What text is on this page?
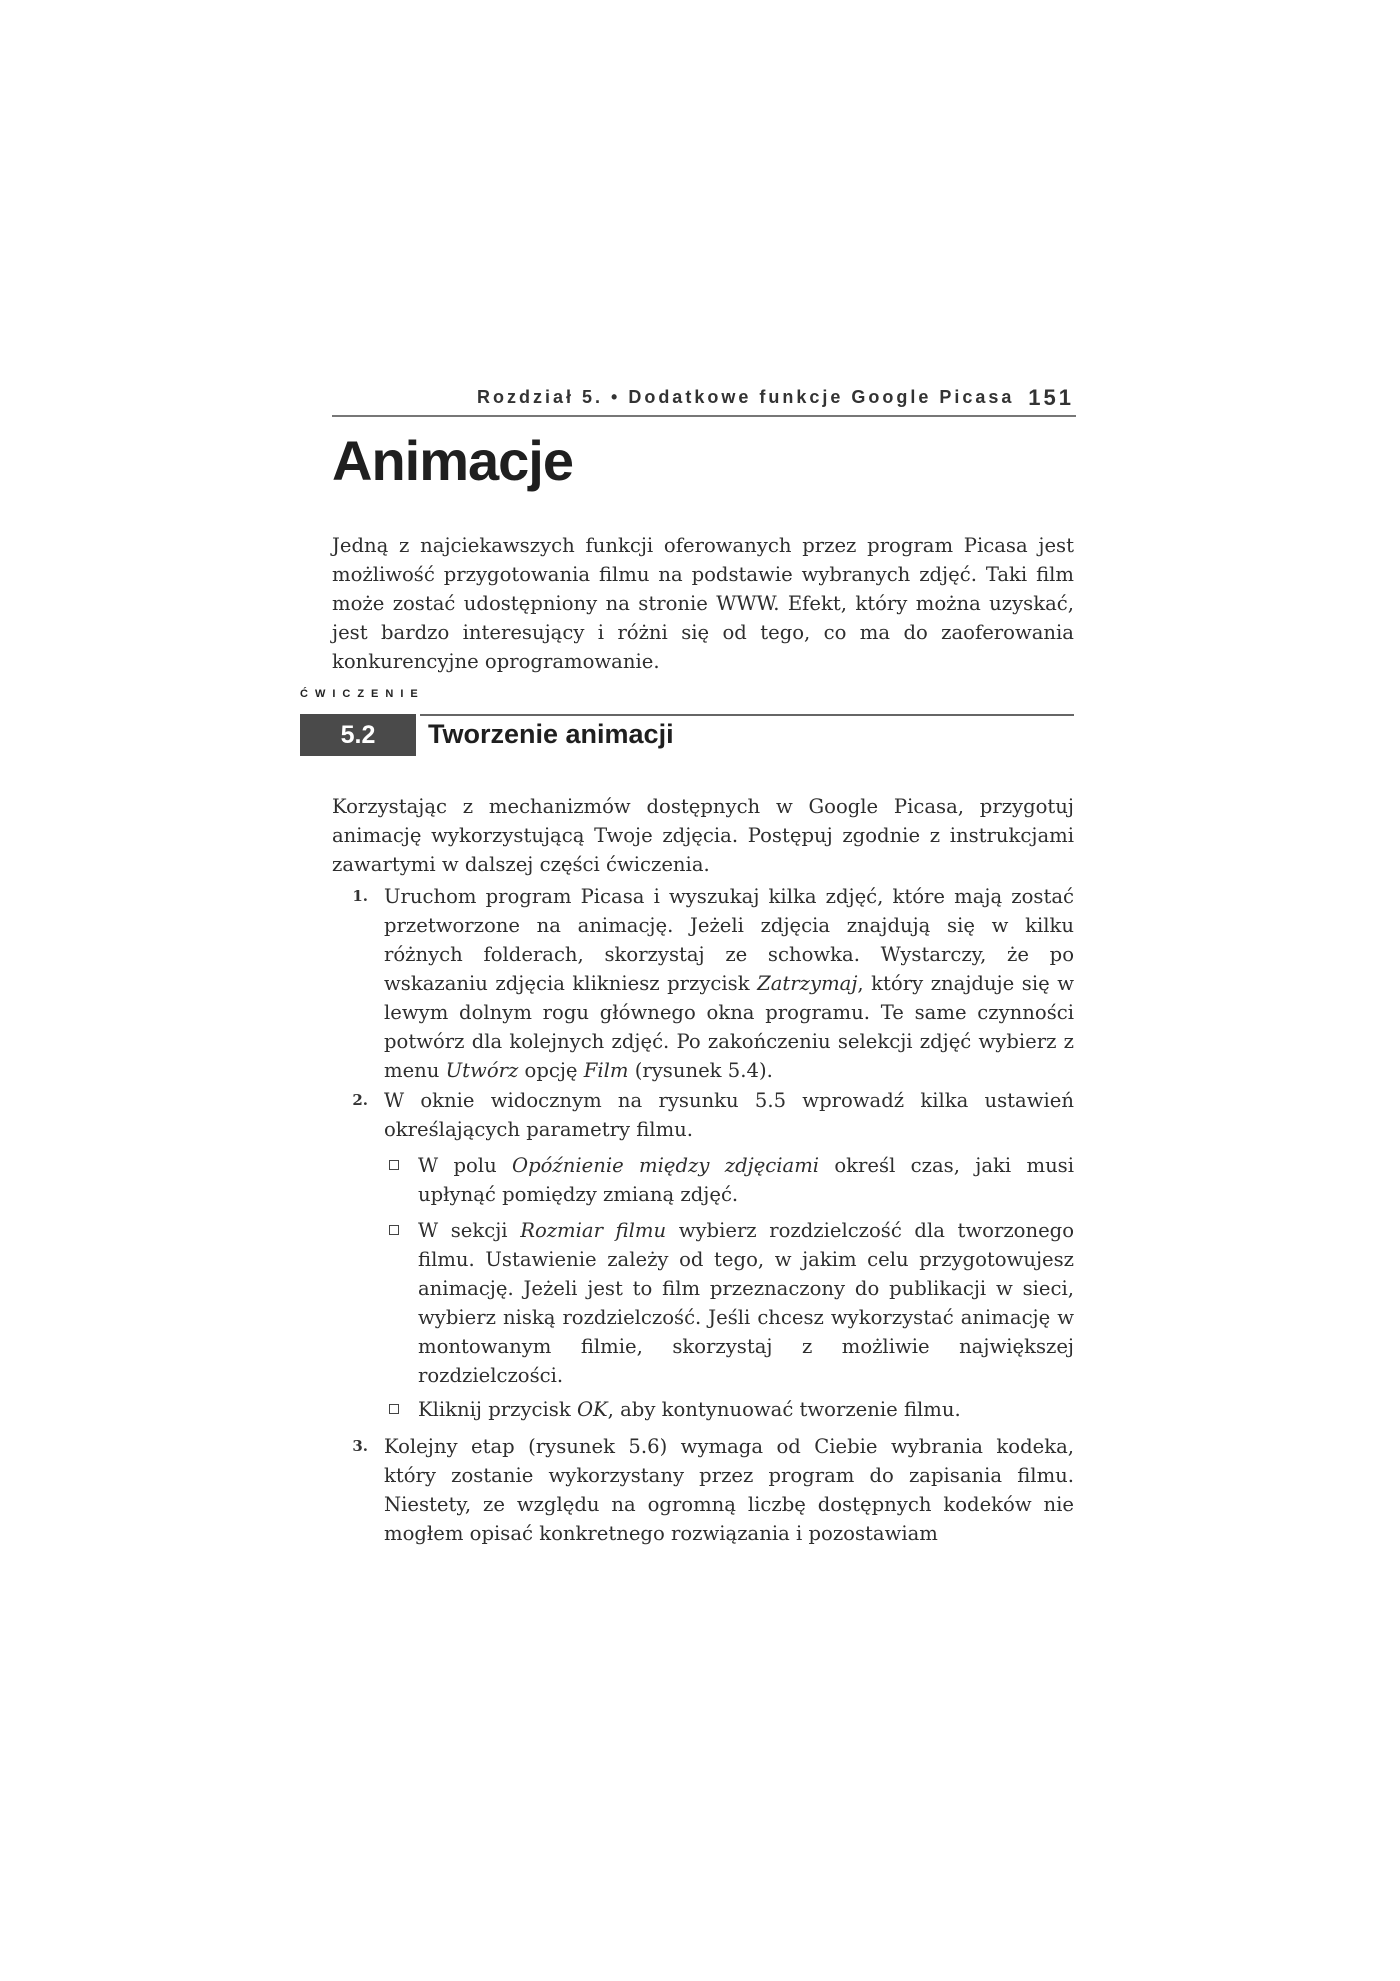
Rozdział 5. • Dodatkowe funkcje Google Picasa 151
Animacje

Jedną z najciekawszych funkcji oferowanych przez program Picasa jest możliwość przygotowania filmu na podstawie wybranych zdjęć. Taki film może zostać udostępniony na stronie WWW. Efekt, który można uzyskać, jest bardzo interesujący i różni się od tego, co ma do zaoferowania konkurencyjne oprogramowanie.

ĆWICZENIE
5.2	Tworzenie animacji

Korzystając z mechanizmów dostępnych w Google Picasa, przygotuj animację wykorzystującą Twoje zdjęcia. Postępuj zgodnie z instrukcjami zawartymi w dalszej części ćwiczenia.

1. Uruchom program Picasa i wyszukaj kilka zdjęć, które mają zostać przetworzone na animację. Jeżeli zdjęcia znajdują się w kilku różnych folderach, skorzystaj ze schowka. Wystarczy, że po wskazaniu zdjęcia klikniesz przycisk Zatrzymaj, który znajduje się w lewym dolnym rogu głównego okna programu. Te same czynności potwórz dla kolejnych zdjęć. Po zakończeniu selekcji zdjęć wybierz z menu Utwórz opcję Film (rysunek 5.4).

2. W oknie widocznym na rysunku 5.5 wprowadź kilka ustawień określających parametry filmu.

W polu Opóźnienie między zdjęciami określ czas, jaki musi upłynąć pomiędzy zmianą zdjęć.

W sekcji Rozmiar filmu wybierz rozdzielczość dla tworzonego filmu. Ustawienie zależy od tego, w jakim celu przygotowujesz animację. Jeżeli jest to film przeznaczony do publikacji w sieci, wybierz niską rozdzielczość. Jeśli chcesz wykorzystać animację w montowanym filmie, skorzystaj z możliwie największej rozdzielczości.

Kliknij przycisk OK, aby kontynuować tworzenie filmu.

3. Kolejny etap (rysunek 5.6) wymaga od Ciebie wybrania kodeka, który zostanie wykorzystany przez program do zapisania filmu. Niestety, ze względu na ogromną liczbę dostępnych kodeków nie mogłem opisać konkretnego rozwiązania i pozostawiam
